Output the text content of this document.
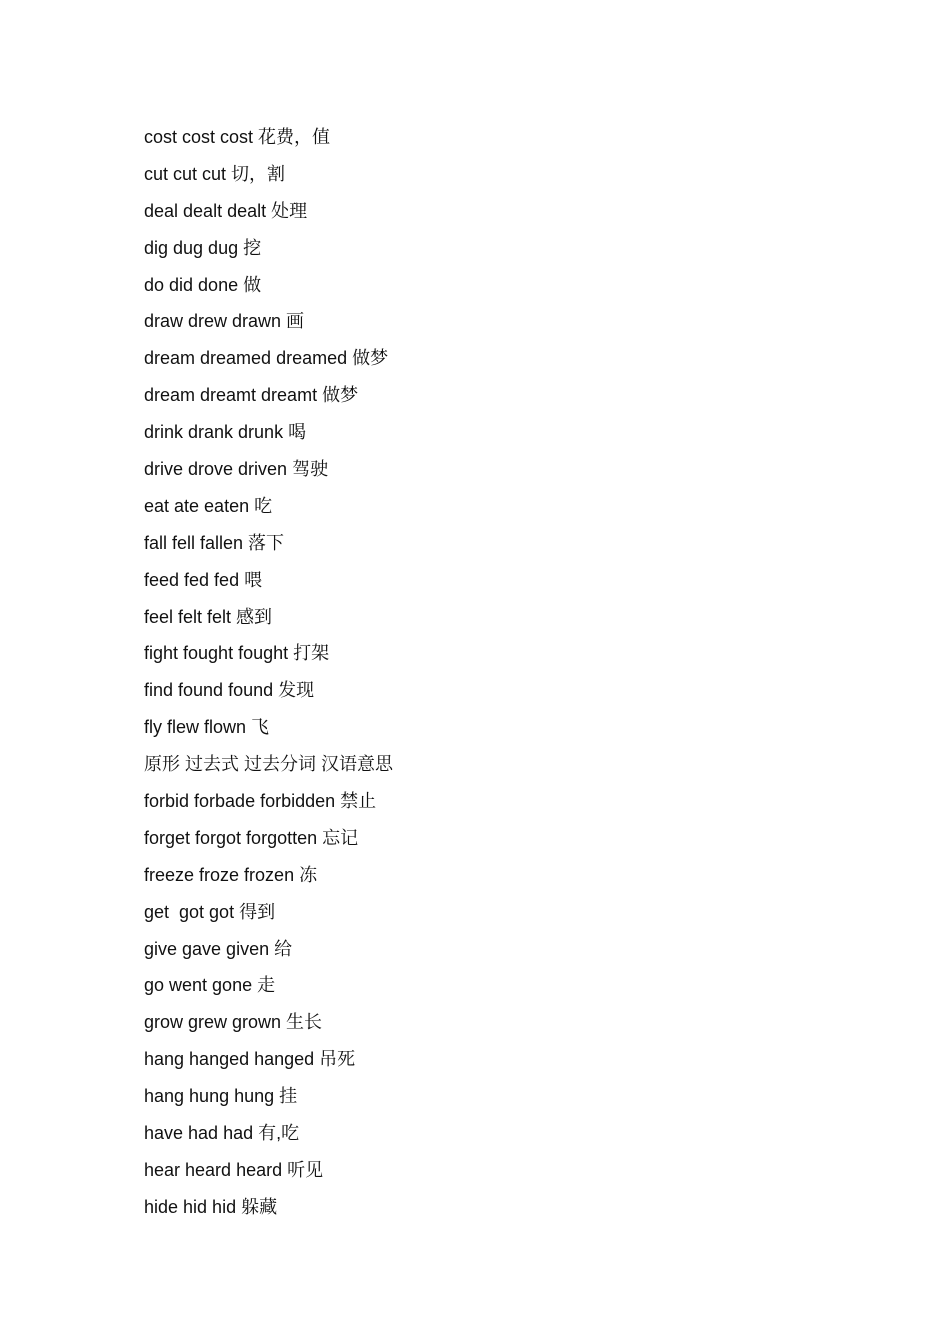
cost cost cost 花费，值
cut cut cut 切，割
deal dealt dealt 处理
dig dug dug 挖
do did done 做
draw drew drawn 画
dream dreamed dreamed 做梦
dream dreamt dreamt 做梦
drink drank drunk 喝
drive drove driven 驾驶
eat ate eaten 吃
fall fell fallen 落下
feed fed fed 喂
feel felt felt 感到
fight fought fought 打架
find found found 发现
fly flew flown 飞
原形 过去式 过去分词 汉语意思
forbid forbade forbidden 禁止
forget forgot forgotten 忘记
freeze froze frozen 冻
get  got got 得到
give gave given 给
go went gone 走
grow grew grown 生长
hang hanged hanged 吊死
hang hung hung 挂
have had had 有,吃
hear heard heard 听见
hide hid hid 躲藏
